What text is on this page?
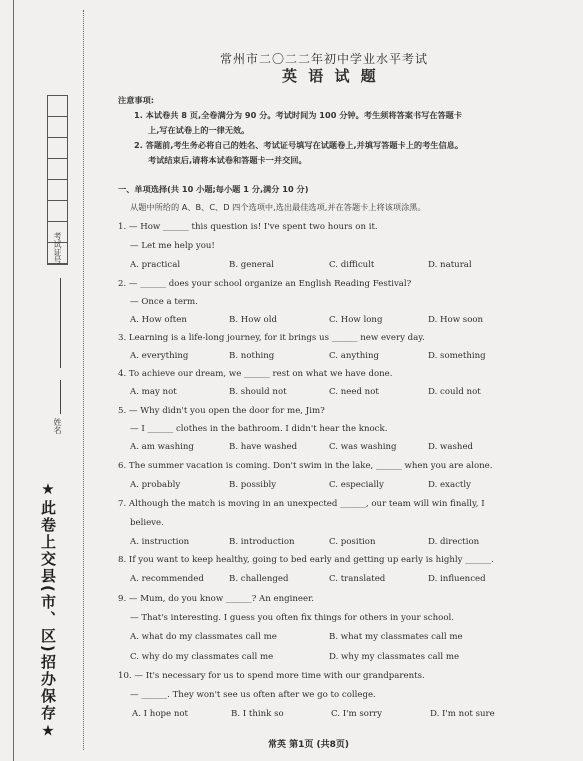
考试证号
姓名
★此卷上交县(市、区)招办保存★
常州市二〇二二年初中学业水平考试
英 语 试 题
注意事项:
1. 本试卷共 8 页,全卷满分为 90 分。考试时间为 100 分钟。考生须将答案书写在答题卡
上,写在试卷上的一律无效。
2. 答题前,考生务必将自己的姓名、考试证号填写在试题卷上,并填写答题卡上的考生信息。
考试结束后,请将本试卷和答题卡一并交回。
一、单项选择(共 10 小题;每小题 1 分,满分 10 分)
从题中所给的 A、B、C、D 四个选项中,选出最佳选项,并在答题卡上将该项涂黑。
1. — How ______ this question is! I've spent two hours on it.
— Let me help you!
A. practical	B. general	C. difficult	D. natural
2. — ______ does your school organize an English Reading Festival?
— Once a term.
A. How often	B. How old	C. How long	D. How soon
3. Learning is a life-long journey, for it brings us ______ new every day.
A. everything	B. nothing	C. anything	D. something
4. To achieve our dream, we ______ rest on what we have done.
A. may not	B. should not	C. need not	D. could not
5. — Why didn't you open the door for me, Jim?
— I ______ clothes in the bathroom. I didn't hear the knock.
A. am washing	B. have washed	C. was washing	D. washed
6. The summer vacation is coming. Don't swim in the lake, ______ when you are alone.
A. probably	B. possibly	C. especially	D. exactly
7. Although the match is moving in an unexpected ______, our team will win finally, I
believe.
A. instruction	B. introduction	C. position	D. direction
8. If you want to keep healthy, going to bed early and getting up early is highly ______.
A. recommended	B. challenged	C. translated	D. influenced
9. — Mum, do you know ______? An engineer.
— That's interesting. I guess you often fix things for others in your school.
A. what do my classmates call me	B. what my classmates call me
C. why do my classmates call me	D. why my classmates call me
10. — It's necessary for us to spend more time with our grandparents.
— ______. They won't see us often after we go to college.
A. I hope not	B. I think so	C. I'm sorry	D. I'm not sure
常英 第1页 (共8页)
